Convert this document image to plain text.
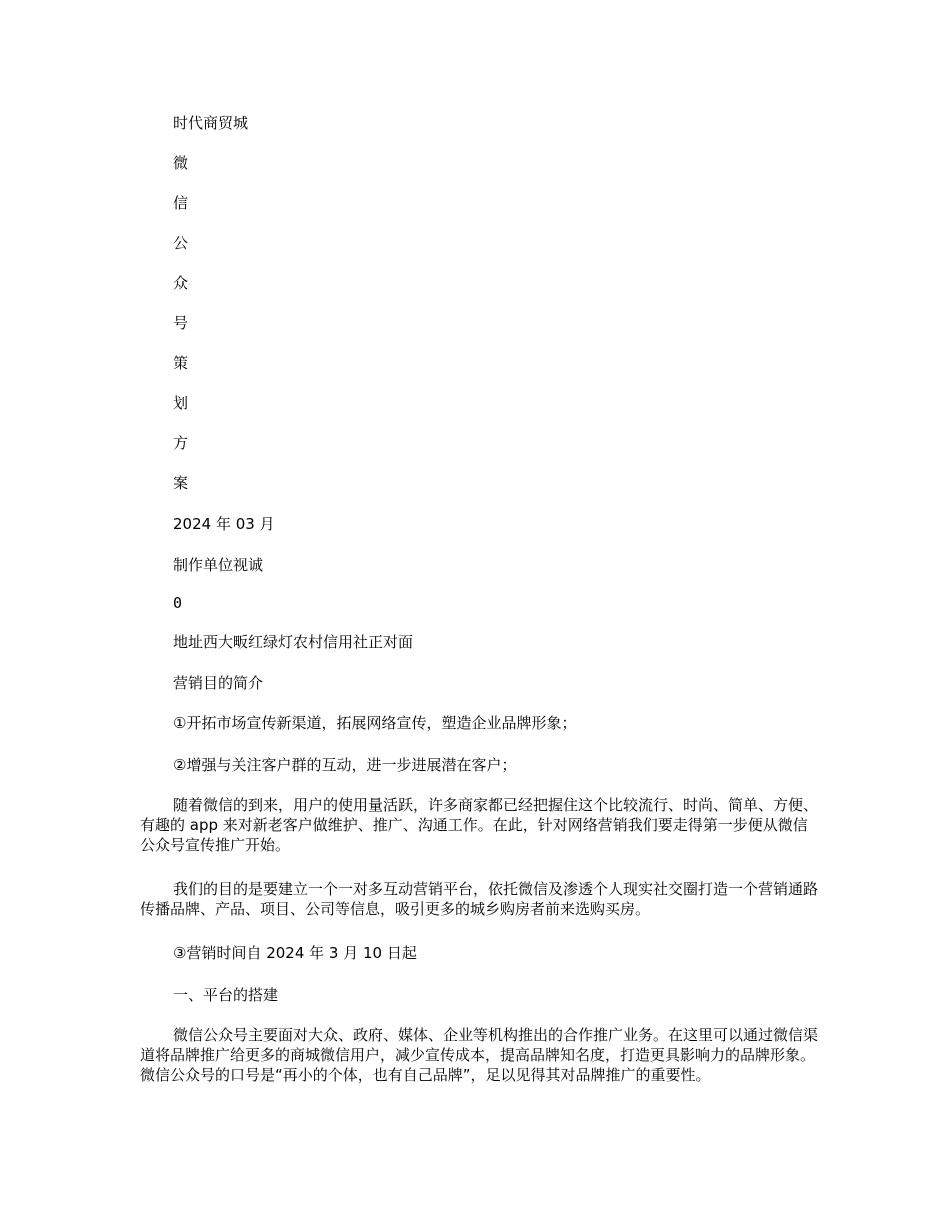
时代商贸城
微
信
公
众
号
策
划
方
案
2024 年 03 月
制作单位视诚
0
地址西大畈红绿灯农村信用社正对面
营销目的简介
①开拓市场宣传新渠道，拓展网络宣传，塑造企业品牌形象；
②增强与关注客户群的互动，进一步进展潜在客户；

随着微信的到来，用户的使用量活跃，许多商家都已经把握住这个比较流行、时尚、简单、方便、有趣的 app 来对新老客户做维护、推广、沟通工作。在此，针对网络营销我们要走得第一步便从微信公众号宣传推广开始。

我们的目的是要建立一个一对多互动营销平台，依托微信及渗透个人现实社交圈打造一个营销通路传播品牌、产品、项目、公司等信息，吸引更多的城乡购房者前来选购买房。

③营销时间自 2024 年 3 月 10 日起
一、平台的搭建

微信公众号主要面对大众、政府、媒体、企业等机构推出的合作推广业务。在这里可以通过微信渠道将品牌推广给更多的商城微信用户，减少宣传成本，提高品牌知名度，打造更具影响力的品牌形象。微信公众号的口号是“再小的个体，也有自己品牌”，足以见得其对品牌推广的重要性。
